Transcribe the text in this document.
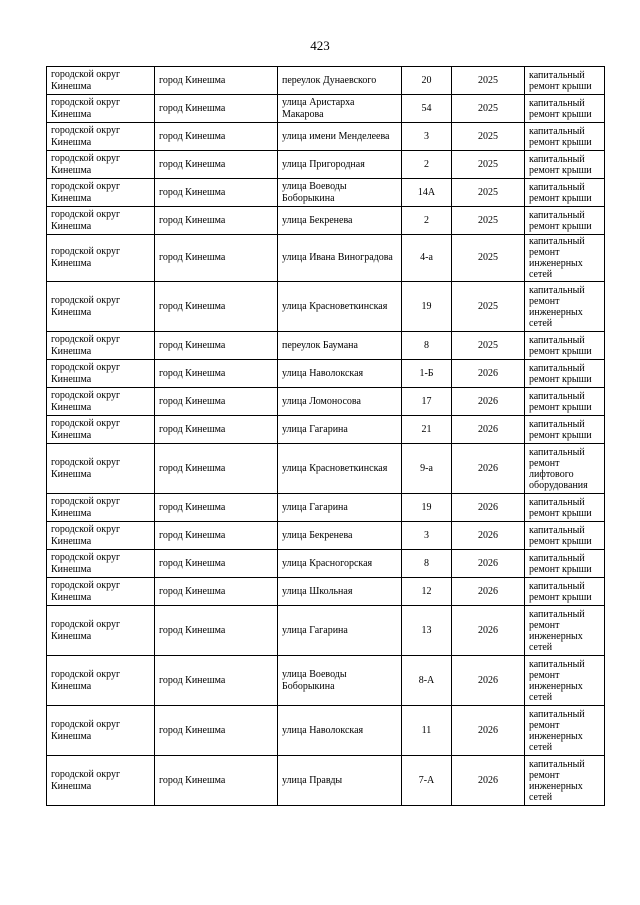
423
городской округ Кинешма	город Кинешма	переулок Дунаевского	20	2025	капитальный ремонт крыши
городской округ Кинешма	город Кинешма	улица Аристарха Макарова	54	2025	капитальный ремонт крыши
городской округ Кинешма	город Кинешма	улица имени Менделеева	3	2025	капитальный ремонт крыши
городской округ Кинешма	город Кинешма	улица Пригородная	2	2025	капитальный ремонт крыши
городской округ Кинешма	город Кинешма	улица Воеводы Боборыкина	14А	2025	капитальный ремонт крыши
городской округ Кинешма	город Кинешма	улица Бекренева	2	2025	капитальный ремонт крыши
городской округ Кинешма	город Кинешма	улица Ивана Виноградова	4-а	2025	капитальный ремонт инженерных сетей
городской округ Кинешма	город Кинешма	улица Красноветкинская	19	2025	капитальный ремонт инженерных сетей
городской округ Кинешма	город Кинешма	переулок Баумана	8	2025	капитальный ремонт крыши
городской округ Кинешма	город Кинешма	улица Наволокская	1-Б	2026	капитальный ремонт крыши
городской округ Кинешма	город Кинешма	улица Ломоносова	17	2026	капитальный ремонт крыши
городской округ Кинешма	город Кинешма	улица Гагарина	21	2026	капитальный ремонт крыши
городской округ Кинешма	город Кинешма	улица Красноветкинская	9-а	2026	капитальный ремонт лифтового оборудования
городской округ Кинешма	город Кинешма	улица Гагарина	19	2026	капитальный ремонт крыши
городской округ Кинешма	город Кинешма	улица Бекренева	3	2026	капитальный ремонт крыши
городской округ Кинешма	город Кинешма	улица Красногорская	8	2026	капитальный ремонт крыши
городской округ Кинешма	город Кинешма	улица Школьная	12	2026	капитальный ремонт крыши
городской округ Кинешма	город Кинешма	улица Гагарина	13	2026	капитальный ремонт инженерных сетей
городской округ Кинешма	город Кинешма	улица Воеводы Боборыкина	8-А	2026	капитальный ремонт инженерных сетей
городской округ Кинешма	город Кинешма	улица Наволокская	11	2026	капитальный ремонт инженерных сетей
городской округ Кинешма	город Кинешма	улица Правды	7-А	2026	капитальный ремонт инженерных сетей
